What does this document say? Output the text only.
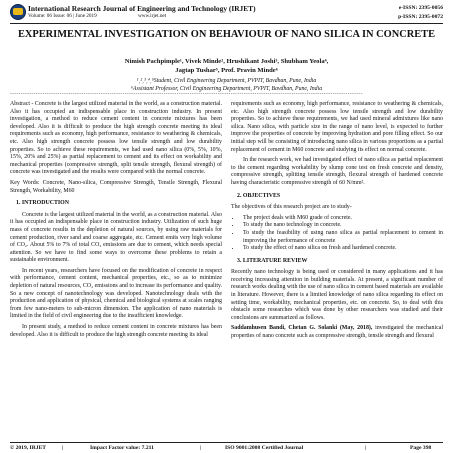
International Research Journal of Engineering and Technology (IRJET)
Volume: 06 Issue: 06 | June 2019	www.irjet.net
e-ISSN: 2395-0056
p-ISSN: 2395-0072
EXPERIMENTAL INVESTIGATION ON BEHAVIOUR OF NANO SILICA IN CONCRETE
Nimish Pachpimple¹, Vivek Minde², Hrushikant Joshi³, Shubham Yeola⁴,
Jagtap Tushar⁵, Prof. Pravin Minde⁶
¹ˏ²ˏ³ˏ⁴ˏ⁵Student, Civil Engineering Department, PVPIT, Bavdhan, Pune, India
⁶Assistant Professor, Civil Engineering Department, PVPIT, Bavdhan, Pune, India
-------------------------------------------------------------------------------------------------------------------------------------------------------------------

Abstract - Concrete is the largest utilized material in the world, as a construction material. Also it has occupied an indispensable place in construction industry. In present investigation, a method to reduce cement content in concrete mixtures has been developed. Also it is difficult to produce the high strength concrete meeting its ideal requirements such as economy, high performance, resistance to weathering & chemicals, etc. Also high strength concrete possess low tensile strength and low durability properties. So to achieve these requirements, we had used nano silica (0%, 5%, 10%, 15%, 20% and 25%) as partial replacement to cement and its effect on workability and mechanical properties (compressive strength, split tensile strength, flexural strength) of concrete was investigated and the results were compared with the normal concrete.

Key Words: Concrete, Nano-silica, Compressive Strength, Tensile Strength, Flexural Strength, Workability, M60

1. INTRODUCTION

Concrete is the largest utilized material in the world, as a construction material. Also it has occupied an indispensable place in construction industry. Utilization of such huge mass of concrete results in the depletion of natural sources, by using raw materials for cement production, river sand and coarse aggregate, etc. Cement emits very high volume of CO₂. About 5% to 7% of total CO₂ emissions are due to cement, which needs special attention. So we have to find some ways to overcome these problems to retain a sustainable environment.

In recent years, researchers have focused on the modification of concrete in respect with performance, cement content, mechanical properties, etc., so as to minimize depletion of natural resources, CO₂ emissions and to increase its performance and quality. So a new concept of nanotechnology was developed. Nanotechnology deals with the production and application of physical, chemical and biological systems at scales ranging from few nano-meters to sub-micron dimension. The application of nano materials is limited in the field of civil engineering due to the insufficient knowledge.

In present study, a method to reduce cement content in concrete mixtures has been developed. Also it is difficult to produce the high strength concrete meeting its ideal

requirements such as economy, high performance, resistance to weathering & chemicals, etc. Also high strength concrete possess low tensile strength and low durability properties. So to achieve these requirements, we had used mineral admixtures like nano silica. Nano silica, with particle size in the range of nano level, is expected to further improve the properties of concrete by improving hydration and pore filling effect. So our initial step will be consisting of introducing nano silica in various proportions as a partial replacement of cement in M60 concrete and studying its effect on normal concrete.

In the research work, we had investigated effect of nano silica as partial replacement to the cement regarding workability by slump cone test on fresh concrete and density, compressive strength, splitting tensile strength, flexural strength of hardened concrete having characteristic compressive strength of 60 N/mm².

2. OBJECTIVES

The objectives of this research project are to study-

• The project deals with M60 grade of concrete.
• To study the nano technology in concrete.
• To study the feasibility of using nano silica as partial replacement to cement in improving the performance of concrete
• To study the effect of nano silica on fresh and hardened concrete.
3. LITERATURE REVIEW

Recently nano technology is being used or considered in many applications and it has receiving increasing attention in building materials. At present, a significant number of research works dealing with the use of nano silica in cement based materials are available in literature. However, there is a limited knowledge of nano silica regarding its effect on setting time, workability, mechanical properties, etc. on concrete. So, to deal with this obstacle some researches which was done by other researchers was studied and their conclusions are summarized as follows.

Saddamhusen Bandi, Chetan G. Solanki (May, 2018), investigated the mechanical properties of nano concrete such as compressive strength, tensile strength and flexural

© 2019, IRJET	|	Impact Factor value: 7.211	|	ISO 9001:2008 Certified Journal	|	Page 398
